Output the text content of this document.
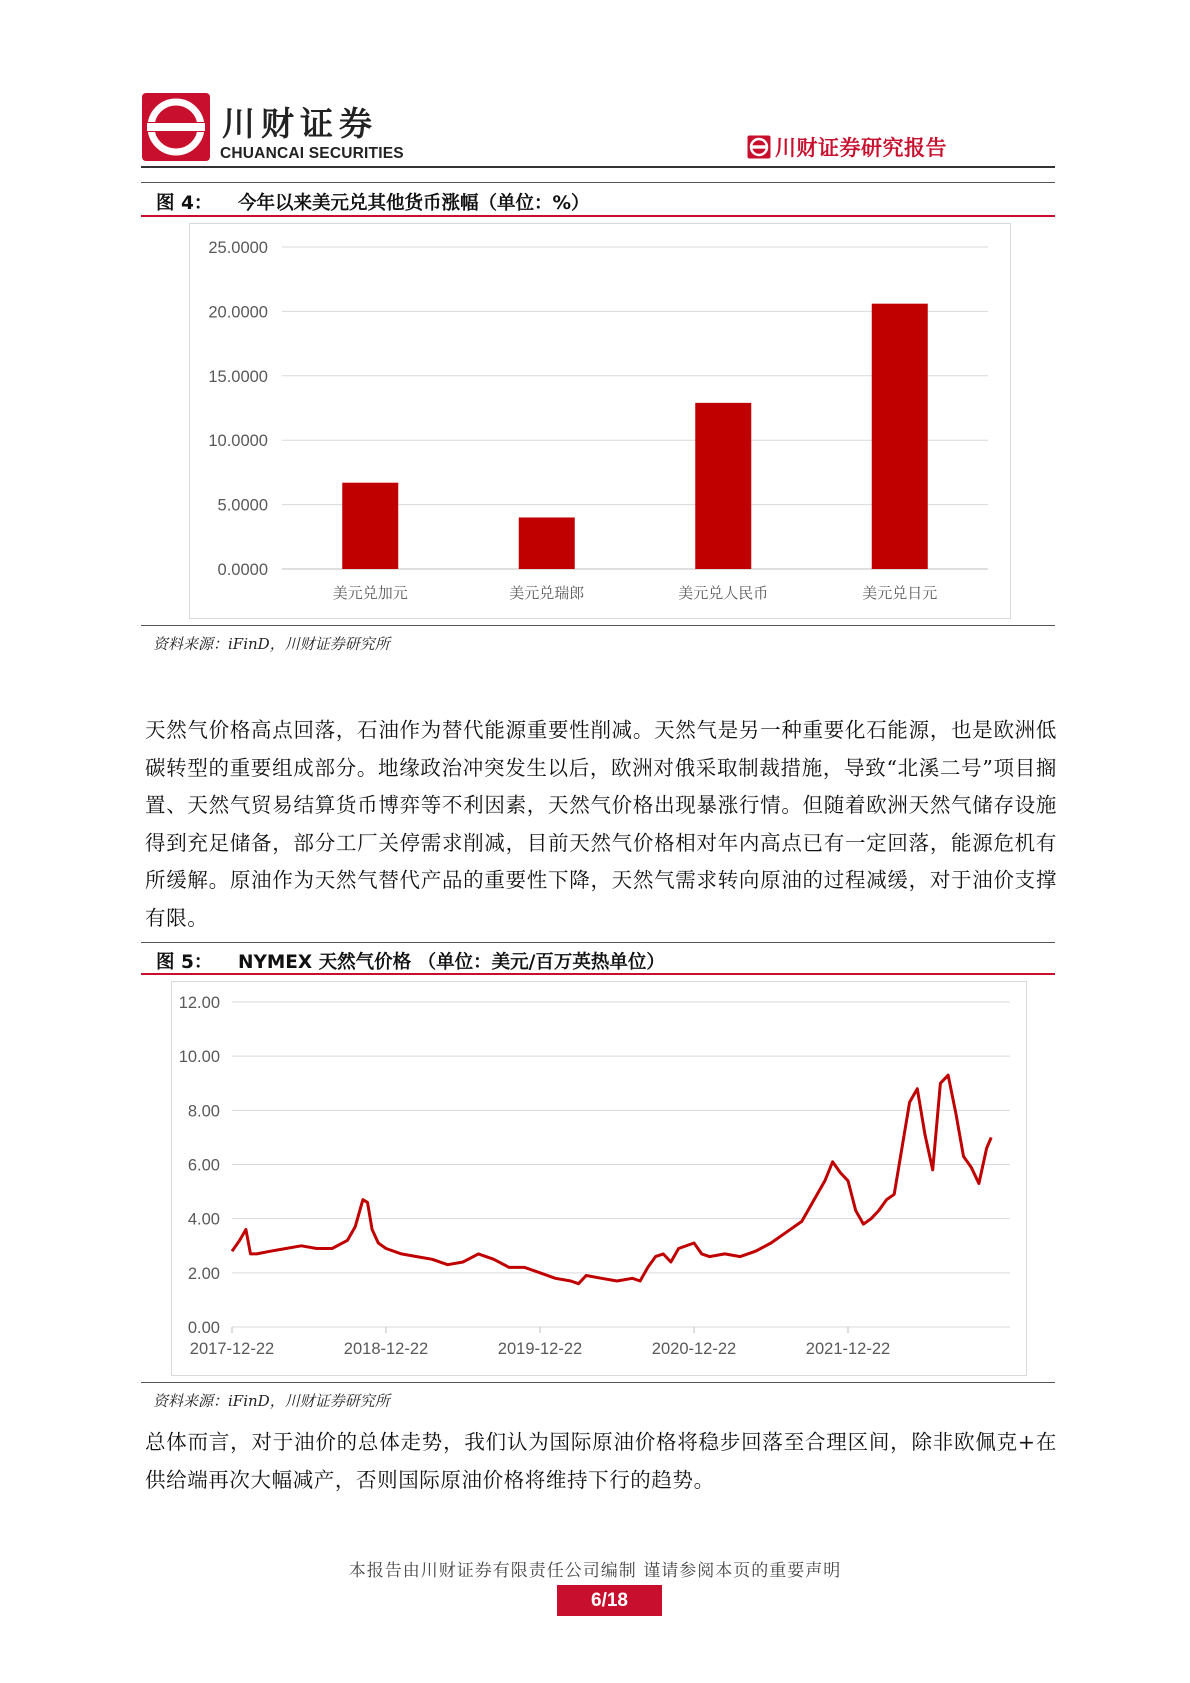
川财证券
CHUANCAI SECURITIES	川财证券研究报告
图 4： 今年以来美元兑其他货币涨幅（单位：%）
0.0000
5.0000
10.0000
15.0000
20.0000
25.0000
美元兑加元	美元兑瑞郎	美元兑人民币	美元兑日元
资料来源：iFinD，川财证券研究所
天然气价格高点回落，石油作为替代能源重要性削减。天然气是另一种重要化石能源，也是欧洲低碳转型的重要组成部分。地缘政治冲突发生以后，欧洲对俄采取制裁措施，导致“北溪二号”项目搁置、天然气贸易结算货币博弈等不利因素，天然气价格出现暴涨行情。但随着欧洲天然气储存设施得到充足储备，部分工厂关停需求削减，目前天然气价格相对年内高点已有一定回落，能源危机有所缓解。原油作为天然气替代产品的重要性下降，天然气需求转向原油的过程减缓，对于油价支撑有限。
图 5： NYMEX 天然气价格 （单位：美元/百万英热单位）
0.00
2.00
4.00
6.00
8.00
10.00
12.00
2017-12-22	2018-12-22	2019-12-22	2020-12-22	2021-12-22
资料来源：iFinD，川财证券研究所
总体而言，对于油价的总体走势，我们认为国际原油价格将稳步回落至合理区间，除非欧佩克+在供给端再次大幅减产，否则国际原油价格将维持下行的趋势。
本报告由川财证券有限责任公司编制 谨请参阅本页的重要声明
6/18
